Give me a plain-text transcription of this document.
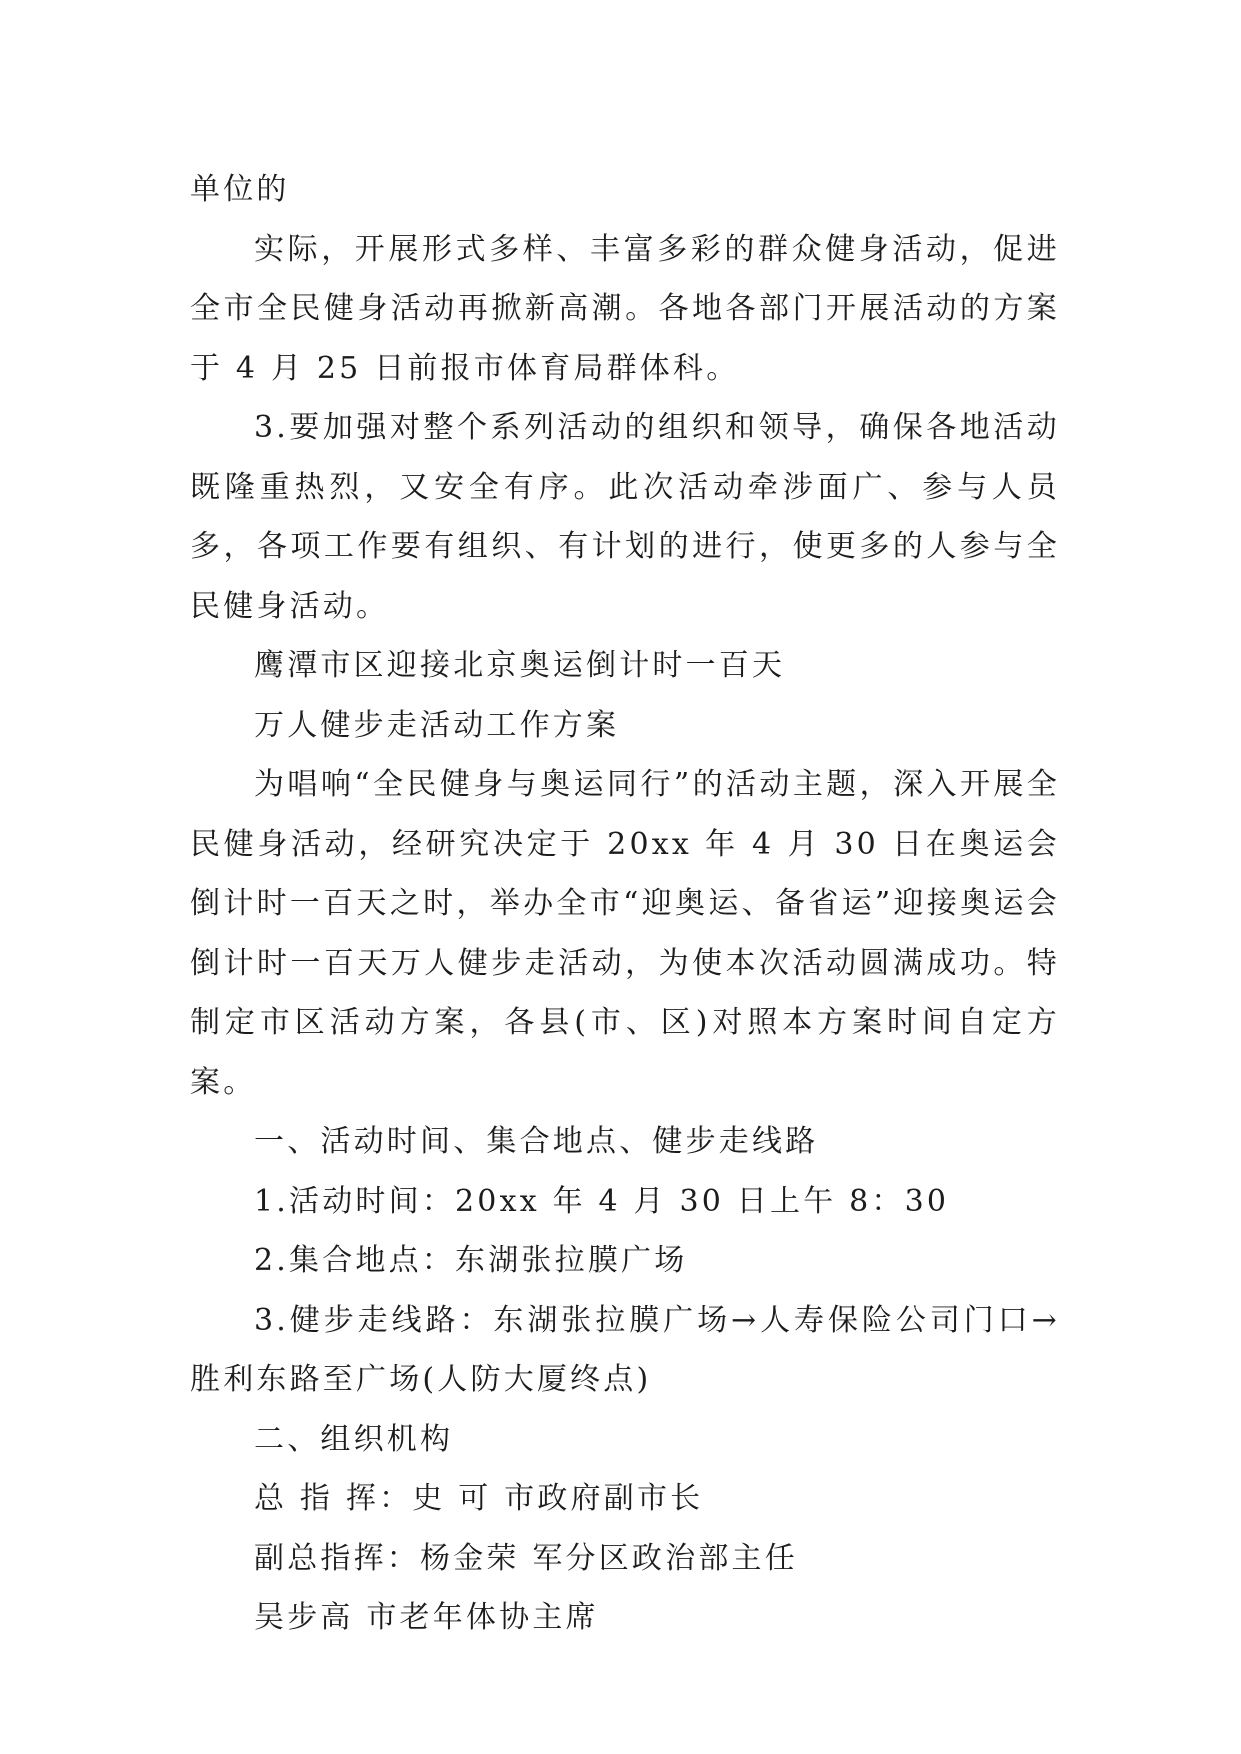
单位的

实际，开展形式多样、丰富多彩的群众健身活动，促进全市全民健身活动再掀新高潮。各地各部门开展活动的方案于 4 月 25 日前报市体育局群体科。

3.要加强对整个系列活动的组织和领导，确保各地活动既隆重热烈，又安全有序。此次活动牵涉面广、参与人员多，各项工作要有组织、有计划的进行，使更多的人参与全民健身活动。

鹰潭市区迎接北京奥运倒计时一百天

万人健步走活动工作方案

为唱响“全民健身与奥运同行”的活动主题，深入开展全民健身活动，经研究决定于 20xx 年 4 月 30 日在奥运会倒计时一百天之时，举办全市“迎奥运、备省运”迎接奥运会倒计时一百天万人健步走活动，为使本次活动圆满成功。特制定市区活动方案，各县(市、区)对照本方案时间自定方案。

一、活动时间、集合地点、健步走线路

1.活动时间：20xx 年 4 月 30 日上午 8：30

2.集合地点：东湖张拉膜广场

3.健步走线路：东湖张拉膜广场→人寿保险公司门口→胜利东路至广场(人防大厦终点)

二、组织机构

总 指 挥：史 可 市政府副市长

副总指挥：杨金荣 军分区政治部主任

吴步高 市老年体协主席
